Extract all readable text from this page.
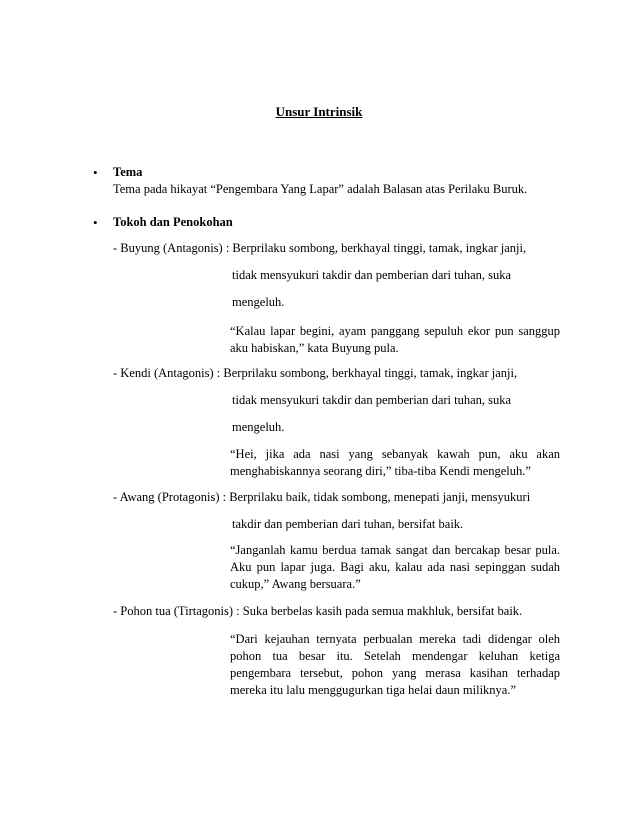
Unsur Intrinsik
• Tema
Tema pada hikayat “Pengembara Yang Lapar” adalah Balasan atas Perilaku Buruk.
• Tokoh dan Penokohan
- Buyung (Antagonis) : Berprilaku sombong, berkhayal tinggi, tamak, ingkar janji,
tidak mensyukuri takdir dan pemberian dari tuhan, suka
mengeluh.
“Kalau lapar begini, ayam panggang sepuluh ekor pun sanggup aku habiskan,” kata Buyung pula.
- Kendi (Antagonis) : Berprilaku sombong, berkhayal tinggi, tamak, ingkar janji,
tidak mensyukuri takdir dan pemberian dari tuhan, suka
mengeluh.
“Hei, jika ada nasi yang sebanyak kawah pun, aku akan menghabiskannya seorang diri,” tiba-tiba Kendi mengeluh.”
- Awang (Protagonis) : Berprilaku baik, tidak sombong, menepati janji, mensyukuri
takdir dan pemberian dari tuhan, bersifat baik.
“Janganlah kamu berdua tamak sangat dan bercakap besar pula. Aku pun lapar juga. Bagi aku, kalau ada nasi sepinggan sudah cukup,” Awang bersuara.”
- Pohon tua (Tirtagonis) : Suka berbelas kasih pada semua makhluk, bersifat baik.
“Dari kejauhan ternyata perbualan mereka tadi didengar oleh pohon tua besar itu. Setelah mendengar keluhan ketiga pengembara tersebut, pohon yang merasa kasihan terhadap mereka itu lalu menggugurkan tiga helai daun miliknya.”
